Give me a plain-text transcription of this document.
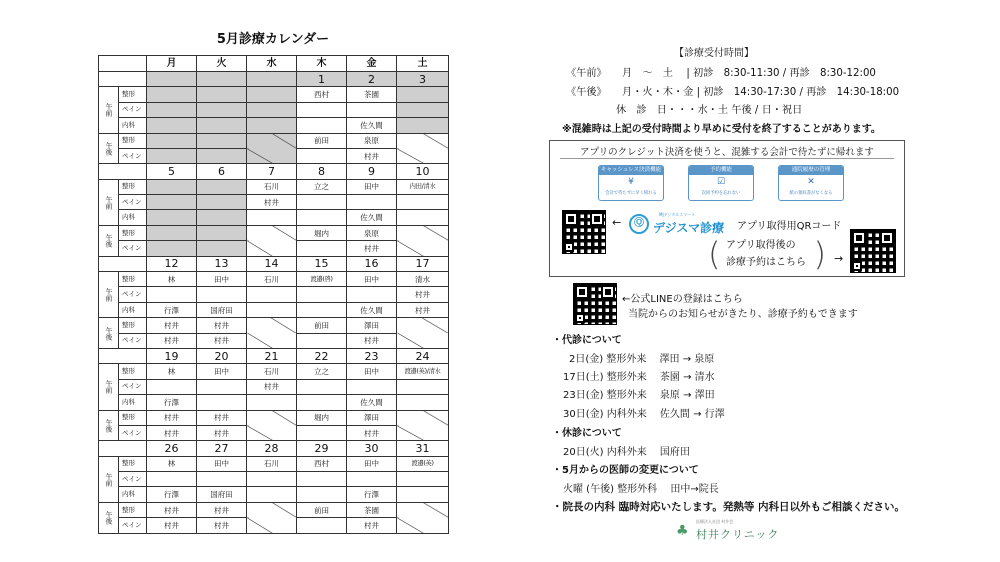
5月診療カレンダー
		月	火	水	木	金	土
					1	2	3
午前	整形				西村	茶園	
	ペイン						
	内科					佐久間	
午後	整形				前田	泉原	
	ペイン					村井	
		5	6	7	8	9	10
午前	整形			石川	立之	田中	内田/清水
	ペイン			村井			
	内科					佐久間	
午後	整形				堀内	泉原	
	ペイン					村井	
		12	13	14	15	16	17
午前	整形	林	田中	石川	渡邉(啓)	田中	清水
	ペイン						村井
	内科	行澤	国府田			佐久間	村井
午後	整形	村井	村井		前田	澤田	
	ペイン	村井	村井			村井	
		19	20	21	22	23	24
午前	整形	林	田中	石川	立之	田中	渡邉(英)/清水
	ペイン			村井			
	内科	行澤				佐久間	
午後	整形	村井	村井		堀内	澤田	
	ペイン	村井	村井			村井	
		26	27	28	29	30	31
午前	整形	林	田中	石川	西村	田中	渡邉(英)
	ペイン						
	内科	行澤	国府田			行澤	
午後	整形	村井	村井		前田	茶園	
	ペイン	村井	村井			村井	
【診療受付時間】
《午前》　　月　～　土　 | 初診　8:30-11:30 / 再診　8:30-12:00
《午後》　　月・火・木・金 | 初診　14:30-17:30 / 再診　14:30-18:00
休　診　日・・・水・土 午後 / 日・祝日
※混雑時は上記の受付時間より早めに受付を終了することがあります。
アプリのクレジット決済を使うと、混雑する会計で待たずに帰れます
キャッシュレス決済機能
¥
会計で待たずに早く帰れる
予約機能
☑
次回予約を忘れない
通院履歴の管理
✕
紙の領収書がなくなる
←	Ⓠ
MJデジタルスマート
デジスマ診療 アプリ取得用QRコード
( アプリ取得後の
診療予約はこちら ) →
←公式LINEの登録はこちら
当院からのお知らせがきたり、診療予約もできます
・代診について
2日(金) 整形外来　 澤田 → 泉原
17日(土) 整形外来　 茶園 → 清水
23日(金) 整形外来　 泉原 → 澤田
30日(金) 内科外来　 佐久間 → 行澤
・休診について
20日(火) 内科外来　 国府田
・5月からの医師の変更について
火曜 (午後) 整形外科　 田中→院長
・院長の内科 臨時対応いたします。発熱等 内科日以外もご相談ください。
♣
医療法人社団 村井会
村井クリニック
